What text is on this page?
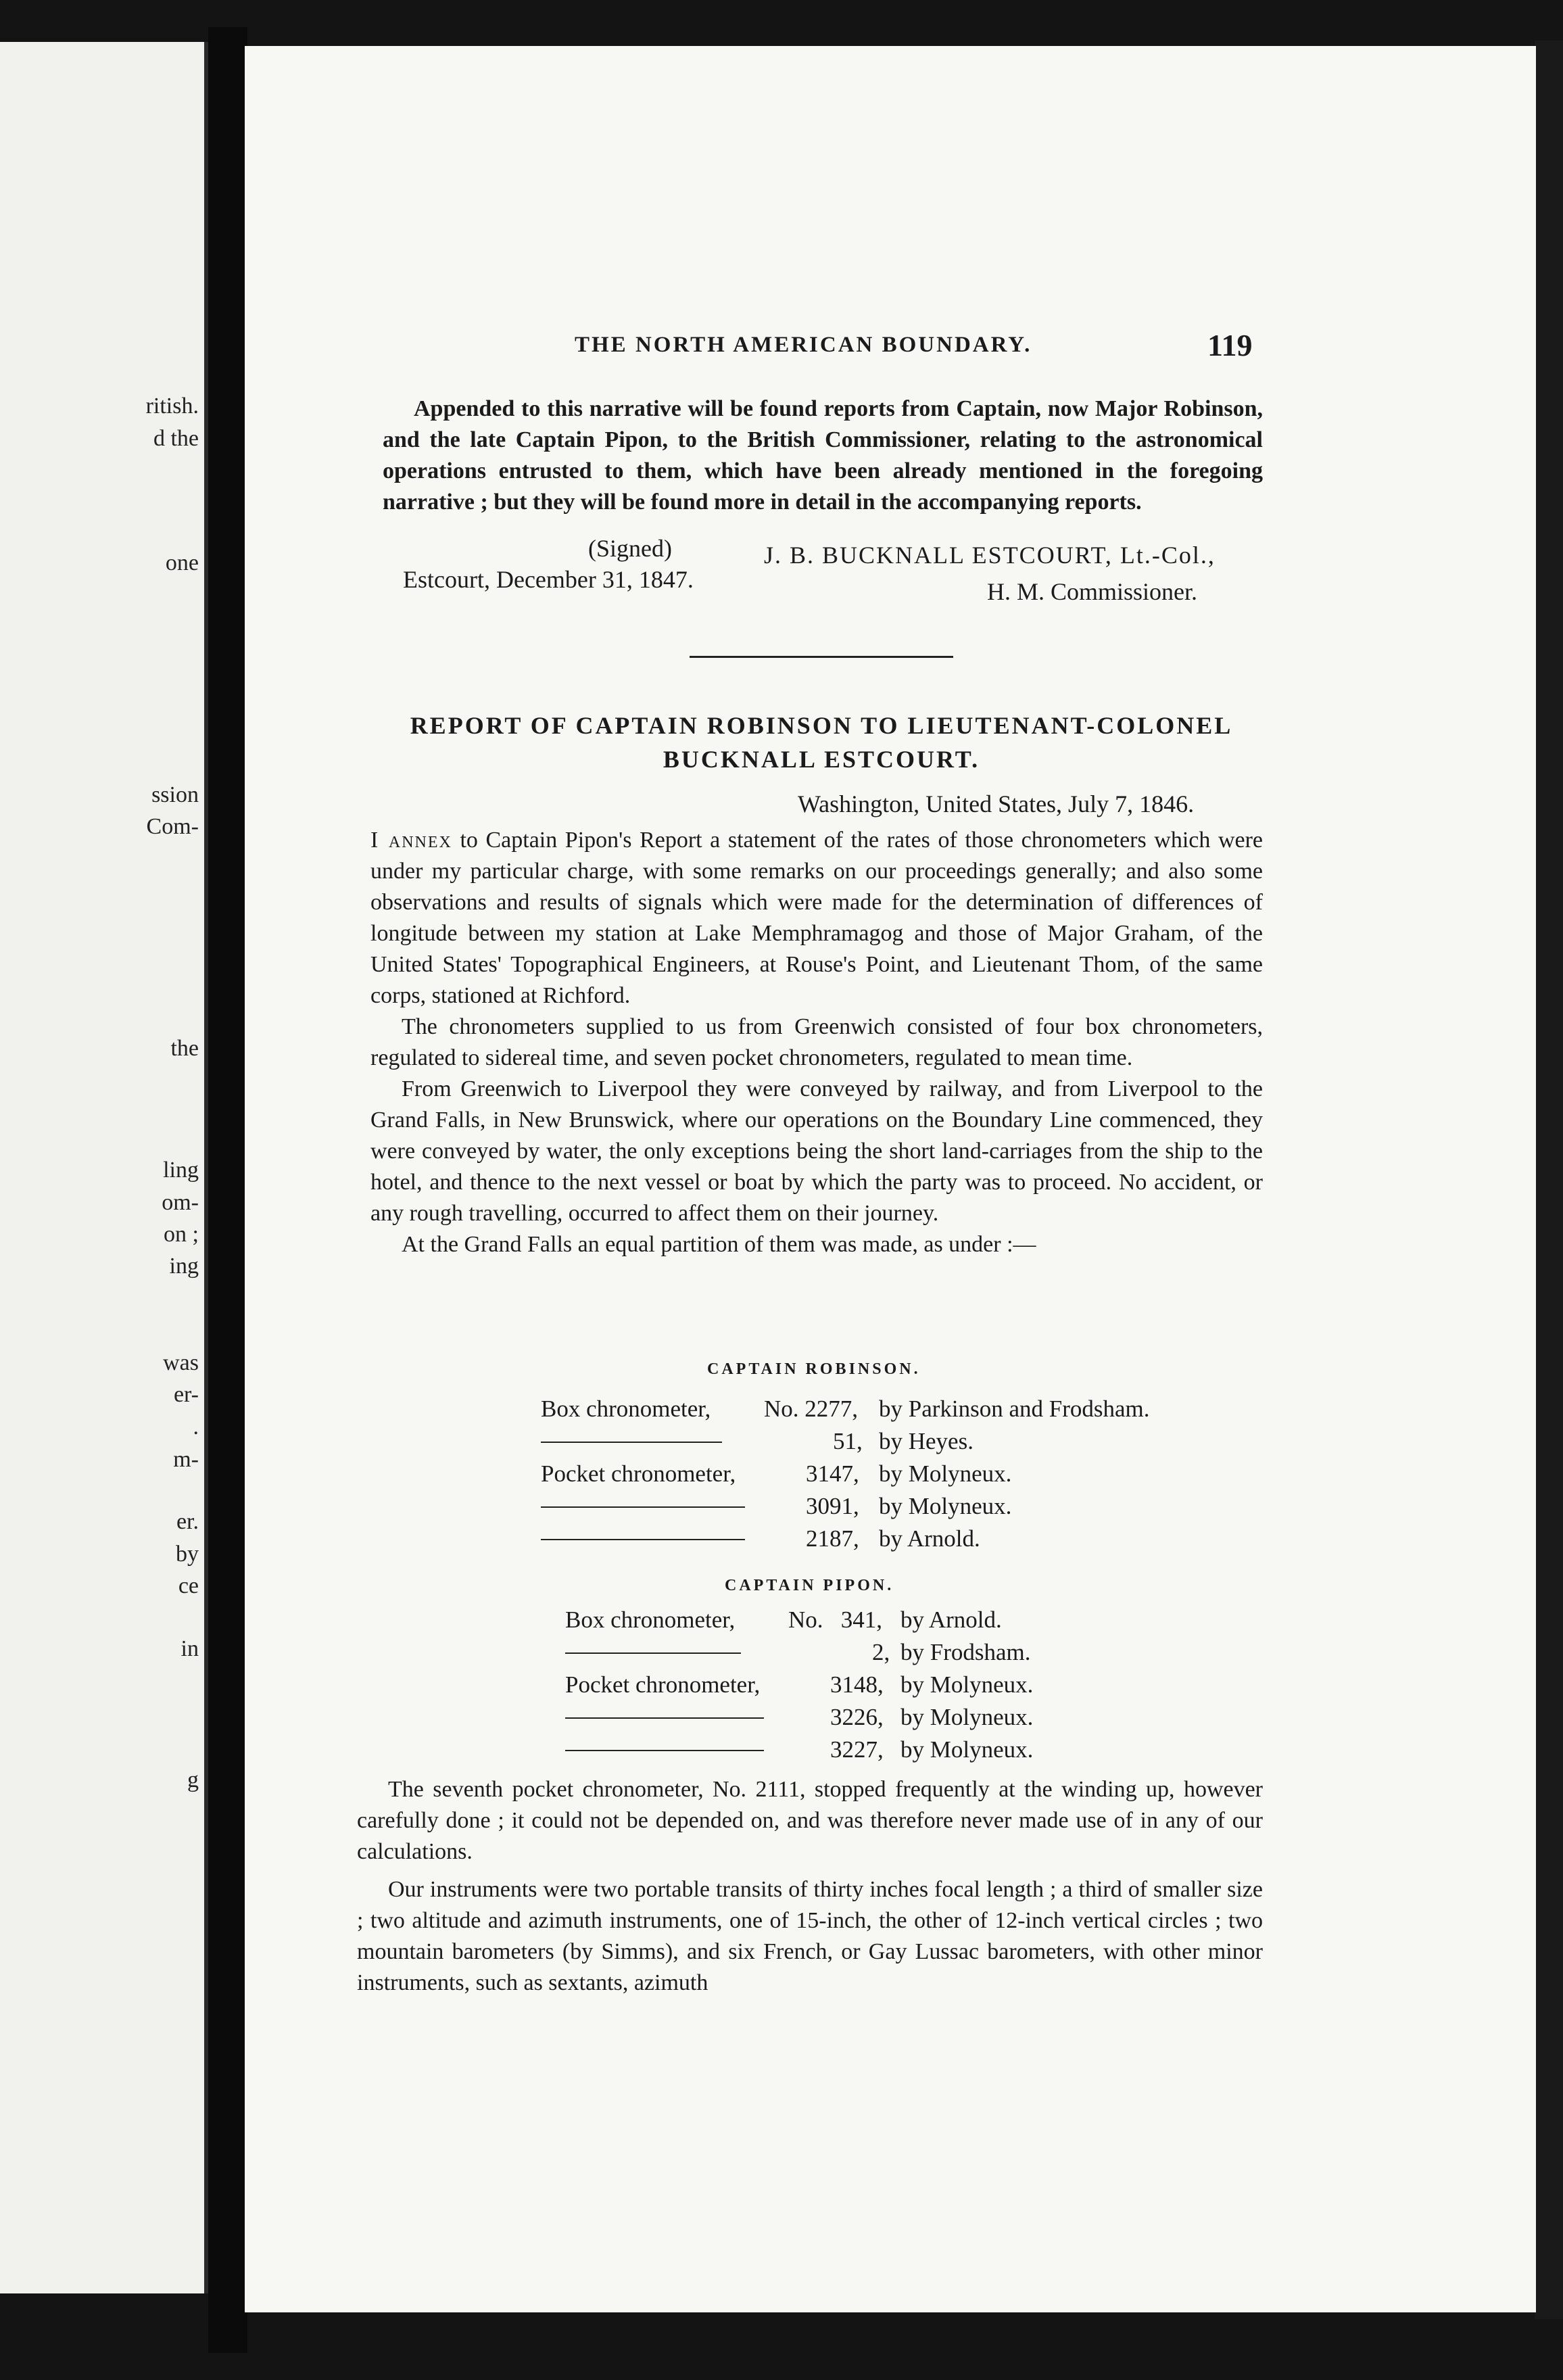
ritish.
d the
one
ssion
Com-
the
ling
om-
on ;
ing
was
er-
.
m-
er.
by
ce
in
g
THE NORTH AMERICAN BOUNDARY.	119

Appended to this narrative will be found reports from Captain, now Major Robinson, and the late Captain Pipon, to the British Commissioner, relating to the astronomical operations entrusted to them, which have been already mentioned in the foregoing narrative ; but they will be found more in detail in the accompanying reports.

(Signed)	J. B. BUCKNALL ESTCOURT, Lt.-Col.,
Estcourt, December 31, 1847.	H. M. Commissioner.
REPORT OF CAPTAIN ROBINSON TO LIEUTENANT-COLONEL
BUCKNALL ESTCOURT.
Washington, United States, July 7, 1846.

I annex to Captain Pipon's Report a statement of the rates of those chronometers which were under my particular charge, with some remarks on our proceedings generally; and also some observations and results of signals which were made for the determination of differences of longitude between my station at Lake Memphramagog and those of Major Graham, of the United States' Topographical Engineers, at Rouse's Point, and Lieutenant Thom, of the same corps, stationed at Richford.

The chronometers supplied to us from Greenwich consisted of four box chronometers, regulated to sidereal time, and seven pocket chronometers, regulated to mean time.

From Greenwich to Liverpool they were conveyed by railway, and from Liverpool to the Grand Falls, in New Brunswick, where our operations on the Boundary Line commenced, they were conveyed by water, the only exceptions being the short land-carriages from the ship to the hotel, and thence to the next vessel or boat by which the party was to proceed. No accident, or any rough travelling, occurred to affect them on their journey.

At the Grand Falls an equal partition of them was made, as under :—

CAPTAIN ROBINSON.
Box chronometer, No. 2277, by Parkinson and Frodsham.
51, by Heyes.
Pocket chronometer,	3147, by Molyneux.
3091, by Molyneux.
2187, by Arnold.
CAPTAIN PIPON.
Box chronometer, No.   341, by Arnold.
2, by Frodsham.
Pocket chronometer,	3148, by Molyneux.
3226, by Molyneux.
3227, by Molyneux.

The seventh pocket chronometer, No. 2111, stopped frequently at the winding up, however carefully done ; it could not be depended on, and was therefore never made use of in any of our calculations.

Our instruments were two portable transits of thirty inches focal length ; a third of smaller size ; two altitude and azimuth instruments, one of 15-inch, the other of 12-inch vertical circles ; two mountain barometers (by Simms), and six French, or Gay Lussac barometers, with other minor instruments, such as sextants, azimuth
